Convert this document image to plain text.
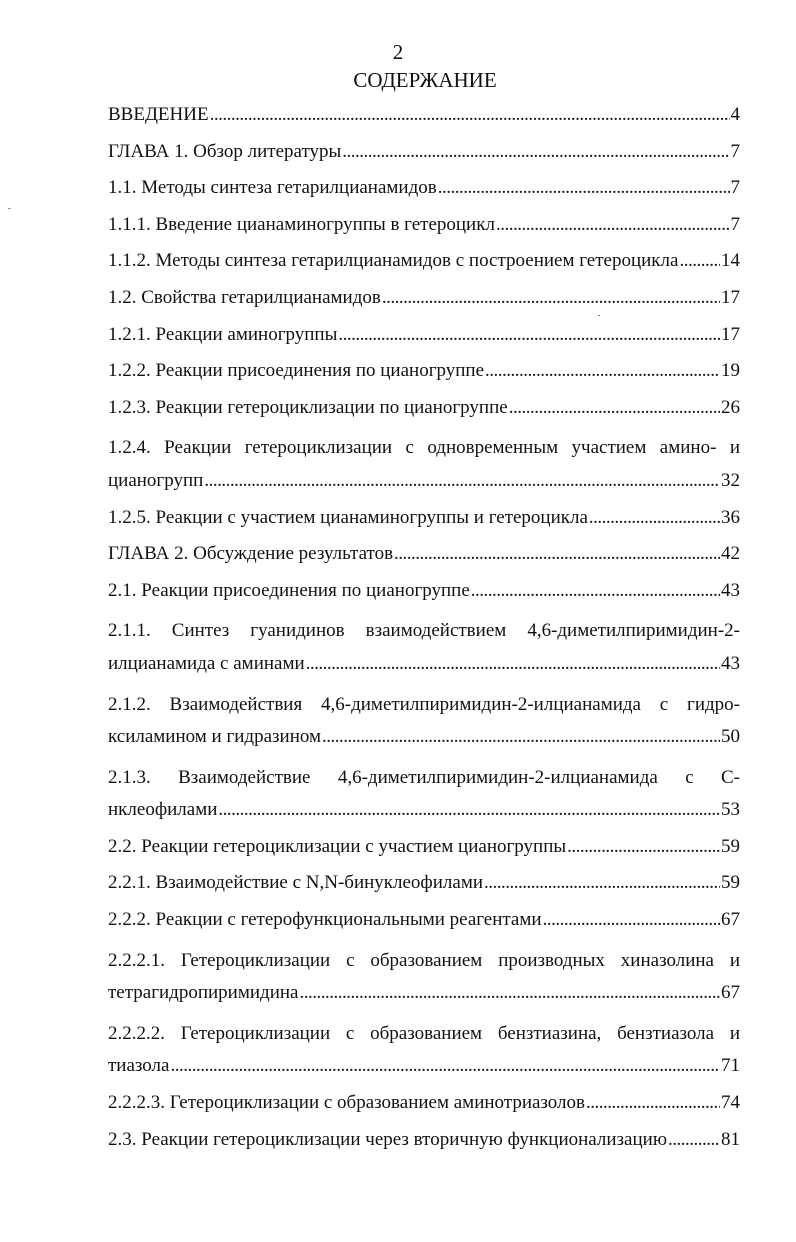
2
СОДЕРЖАНИЕ
ВВЕДЕНИЕ .....	4
ГЛАВА 1. Обзор литературы .....	7
1.1. Методы синтеза гетарилцианамидов .....	7
1.1.1. Введение цианаминогруппы в гетероцикл .....	7
1.1.2. Методы синтеза гетарилцианамидов с построением гетероцикла ..... 14
1.2. Свойства гетарилцианамидов .....	17
1.2.1. Реакции аминогруппы .....	17
1.2.2. Реакции присоединения по цианогруппе .....	19
1.2.3. Реакции гетероциклизации по цианогруппе .....	26
1.2.4. Реакции гетероциклизации с одновременным участием амино- и
цианогрупп .....	32
1.2.5. Реакции с участием цианаминогруппы и гетероцикла .....	36
ГЛАВА 2. Обсуждение результатов .....	42
2.1. Реакции присоединения по цианогруппе .....	43
2.1.1. Синтез гуанидинов взаимодействием 4,6-диметилпиримидин-2-
илцианамида с аминами .....	43
2.1.2. Взаимодействия 4,6-диметилпиримидин-2-илцианамида с гидро-
ксиламином и гидразином .....	50
2.1.3. Взаимодействие 4,6-диметилпиримидин-2-илцианамида с С-
нклеофилами .....	53
2.2. Реакции гетероциклизации с участием цианогруппы .....	59
2.2.1. Взаимодействие с N,N-бинуклеофилами .....	59
2.2.2. Реакции с гетерофункциональными реагентами .....	67
2.2.2.1. Гетероциклизации с образованием производных хиназолина и
тетрагидропиримидина .....	67
2.2.2.2. Гетероциклизации с образованием бензтиазина, бензтиазола и
тиазола .....	71
2.2.2.3. Гетероциклизации с образованием аминотриазолов .....	74
2.3. Реакции гетероциклизации через вторичную функционализацию .....	81
